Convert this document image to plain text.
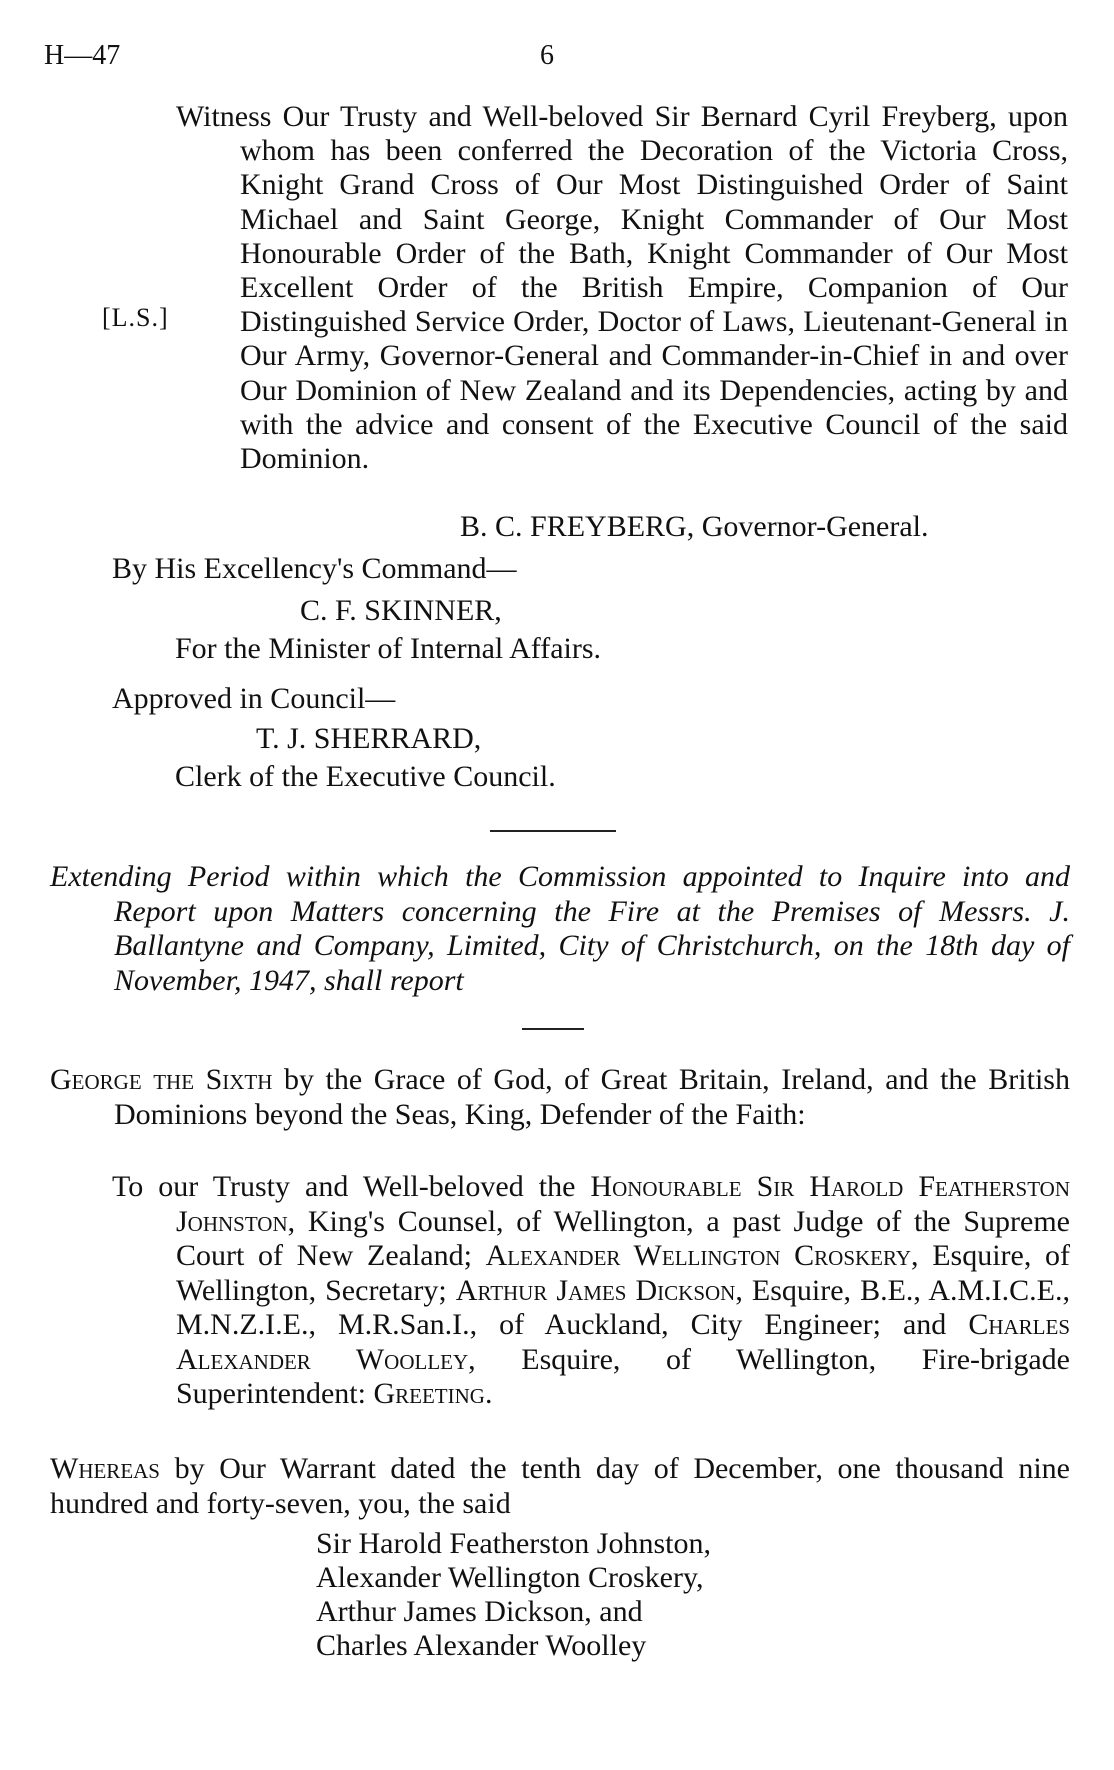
H—47	6
Witness Our Trusty and Well-beloved Sir Bernard Cyril Freyberg, upon whom has been conferred the Decoration of the Victoria Cross, Knight Grand Cross of Our Most Distinguished Order of Saint Michael and Saint George, Knight Commander of Our Most Honourable Order of the Bath, Knight Commander of Our Most Excellent Order of the British Empire, Companion of Our Distinguished Service Order, Doctor of Laws, Lieutenant-General in Our Army, Governor-General and Commander-in-Chief in and over Our Dominion of New Zealand and its Dependencies, acting by and with the advice and consent of the Executive Council of the said Dominion.
[L.S.]
B. C. FREYBERG, Governor-General.
By His Excellency's Command—
C. F. SKINNER,
For the Minister of Internal Affairs.
Approved in Council—
T. J. SHERRARD,
Clerk of the Executive Council.
Extending Period within which the Commission appointed to Inquire into and Report upon Matters concerning the Fire at the Premises of Messrs. J. Ballantyne and Company, Limited, City of Christchurch, on the 18th day of November, 1947, shall report
George the Sixth by the Grace of God, of Great Britain, Ireland, and the British Dominions beyond the Seas, King, Defender of the Faith:
To our Trusty and Well-beloved the Honourable Sir Harold Featherston Johnston, King's Counsel, of Wellington, a past Judge of the Supreme Court of New Zealand; Alexander Wellington Croskery, Esquire, of Wellington, Secretary; Arthur James Dickson, Esquire, B.E., A.M.I.C.E., M.N.Z.I.E., M.R.San.I., of Auckland, City Engineer; and Charles Alexander Woolley, Esquire, of Wellington, Fire-brigade Superintendent: Greeting.
Whereas by Our Warrant dated the tenth day of December, one thousand nine hundred and forty-seven, you, the said
Sir Harold Featherston Johnston,
Alexander Wellington Croskery,
Arthur James Dickson, and
Charles Alexander Woolley
